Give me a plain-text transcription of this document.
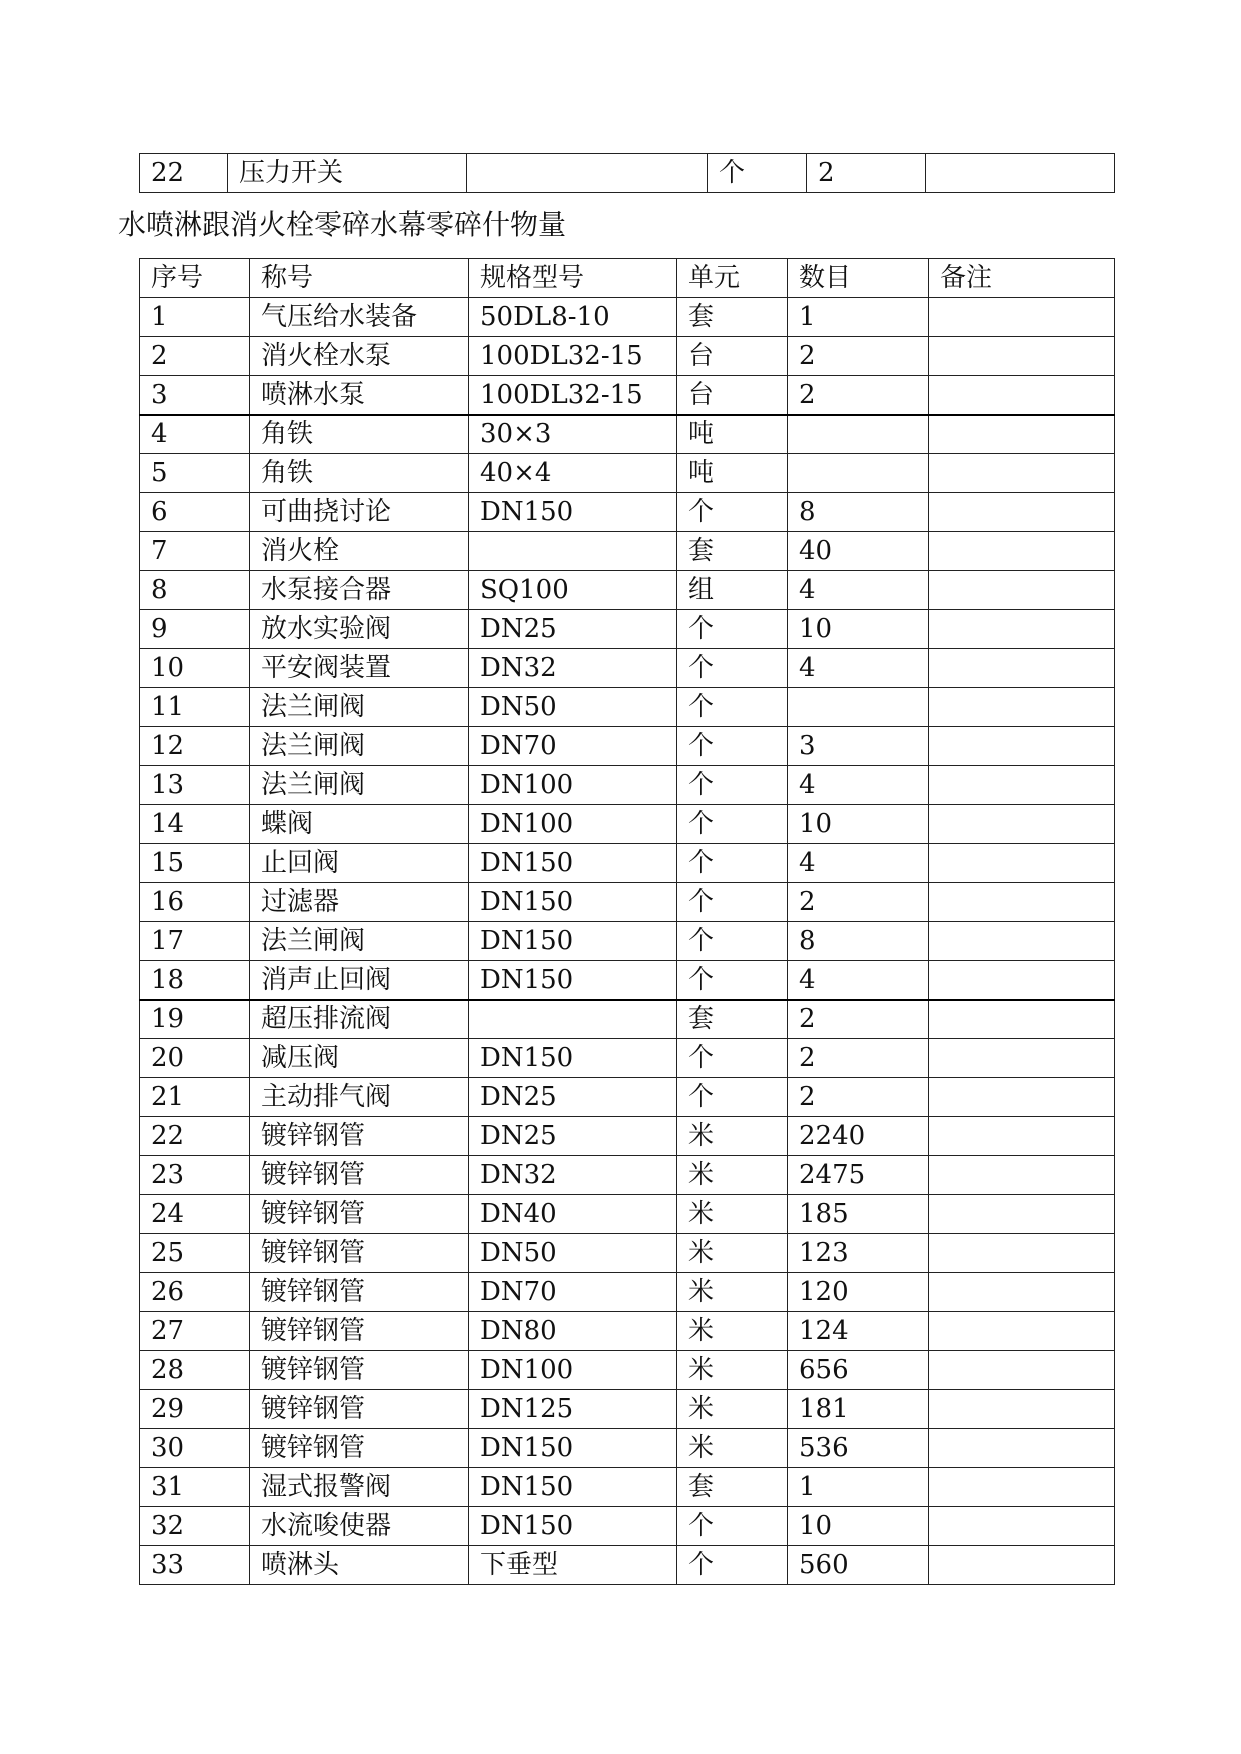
22	压力开关		个	2	
水喷淋跟消火栓零碎水幕零碎什物量
序号	称号	规格型号	单元	数目	备注
1	气压给水装备	50DL8-10	套	1	
2	消火栓水泵	100DL32-15	台	2	
3	喷淋水泵	100DL32-15	台	2	
4	角铁	30×3	吨		
5	角铁	40×4	吨		
6	可曲挠讨论	DN150	个	8	
7	消火栓		套	40	
8	水泵接合器	SQ100	组	4	
9	放水实验阀	DN25	个	10	
10	平安阀装置	DN32	个	4	
11	法兰闸阀	DN50	个		
12	法兰闸阀	DN70	个	3	
13	法兰闸阀	DN100	个	4	
14	蝶阀	DN100	个	10	
15	止回阀	DN150	个	4	
16	过滤器	DN150	个	2	
17	法兰闸阀	DN150	个	8	
18	消声止回阀	DN150	个	4	
19	超压排流阀		套	2	
20	减压阀	DN150	个	2	
21	主动排气阀	DN25	个	2	
22	镀锌钢管	DN25	米	2240	
23	镀锌钢管	DN32	米	2475	
24	镀锌钢管	DN40	米	185	
25	镀锌钢管	DN50	米	123	
26	镀锌钢管	DN70	米	120	
27	镀锌钢管	DN80	米	124	
28	镀锌钢管	DN100	米	656	
29	镀锌钢管	DN125	米	181	
30	镀锌钢管	DN150	米	536	
31	湿式报警阀	DN150	套	1	
32	水流唆使器	DN150	个	10	
33	喷淋头	下垂型	个	560	
